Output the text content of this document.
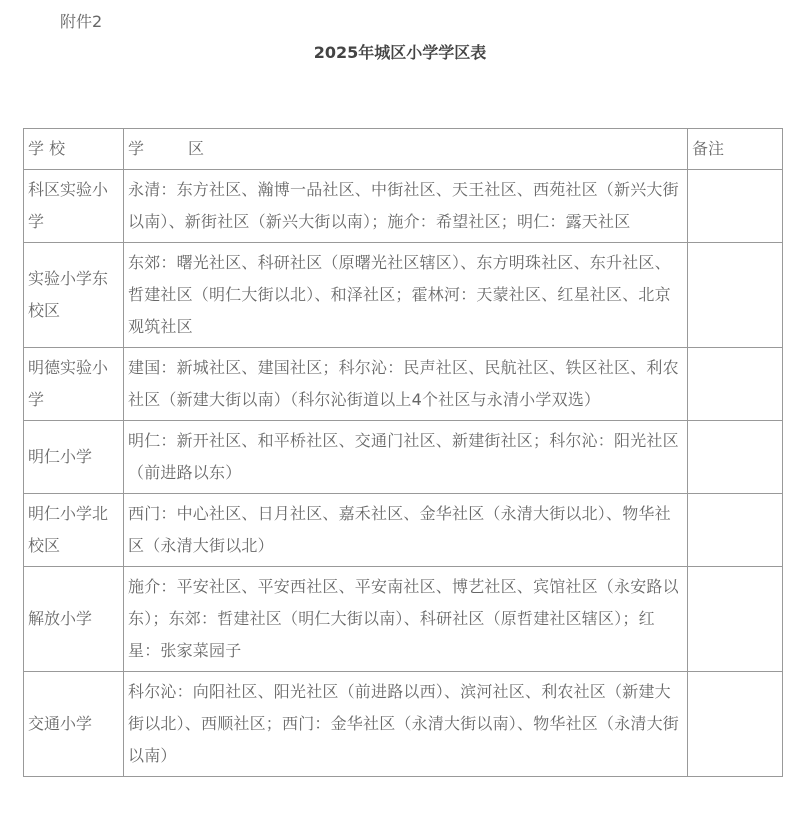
附件2
2025年城区小学学区表
学 校	学 区	备注
科区实验小学	永清：东方社区、瀚博一品社区、中街社区、天王社区、西苑社区（新兴大街以南）、新街社区（新兴大街以南）；施介：希望社区；明仁：露天社区	
实验小学东校区	东郊：曙光社区、科研社区（原曙光社区辖区）、东方明珠社区、东升社区、哲建社区（明仁大街以北）、和泽社区；霍林河：天蒙社区、红星社区、北京观筑社区	
明德实验小学	建国：新城社区、建国社区；科尔沁：民声社区、民航社区、铁区社区、利农社区（新建大街以南）（科尔沁街道以上4个社区与永清小学双选）	
明仁小学	明仁：新开社区、和平桥社区、交通门社区、新建街社区；科尔沁：阳光社区（前进路以东）	
明仁小学北校区	西门：中心社区、日月社区、嘉禾社区、金华社区（永清大街以北）、物华社区（永清大街以北）	
解放小学	施介：平安社区、平安西社区、平安南社区、博艺社区、宾馆社区（永安路以东）；东郊：哲建社区（明仁大街以南）、科研社区（原哲建社区辖区）；红星：张家菜园子	
交通小学	科尔沁：向阳社区、阳光社区（前进路以西）、滨河社区、利农社区（新建大街以北）、西顺社区；西门：金华社区（永清大街以南）、物华社区（永清大街以南）	
